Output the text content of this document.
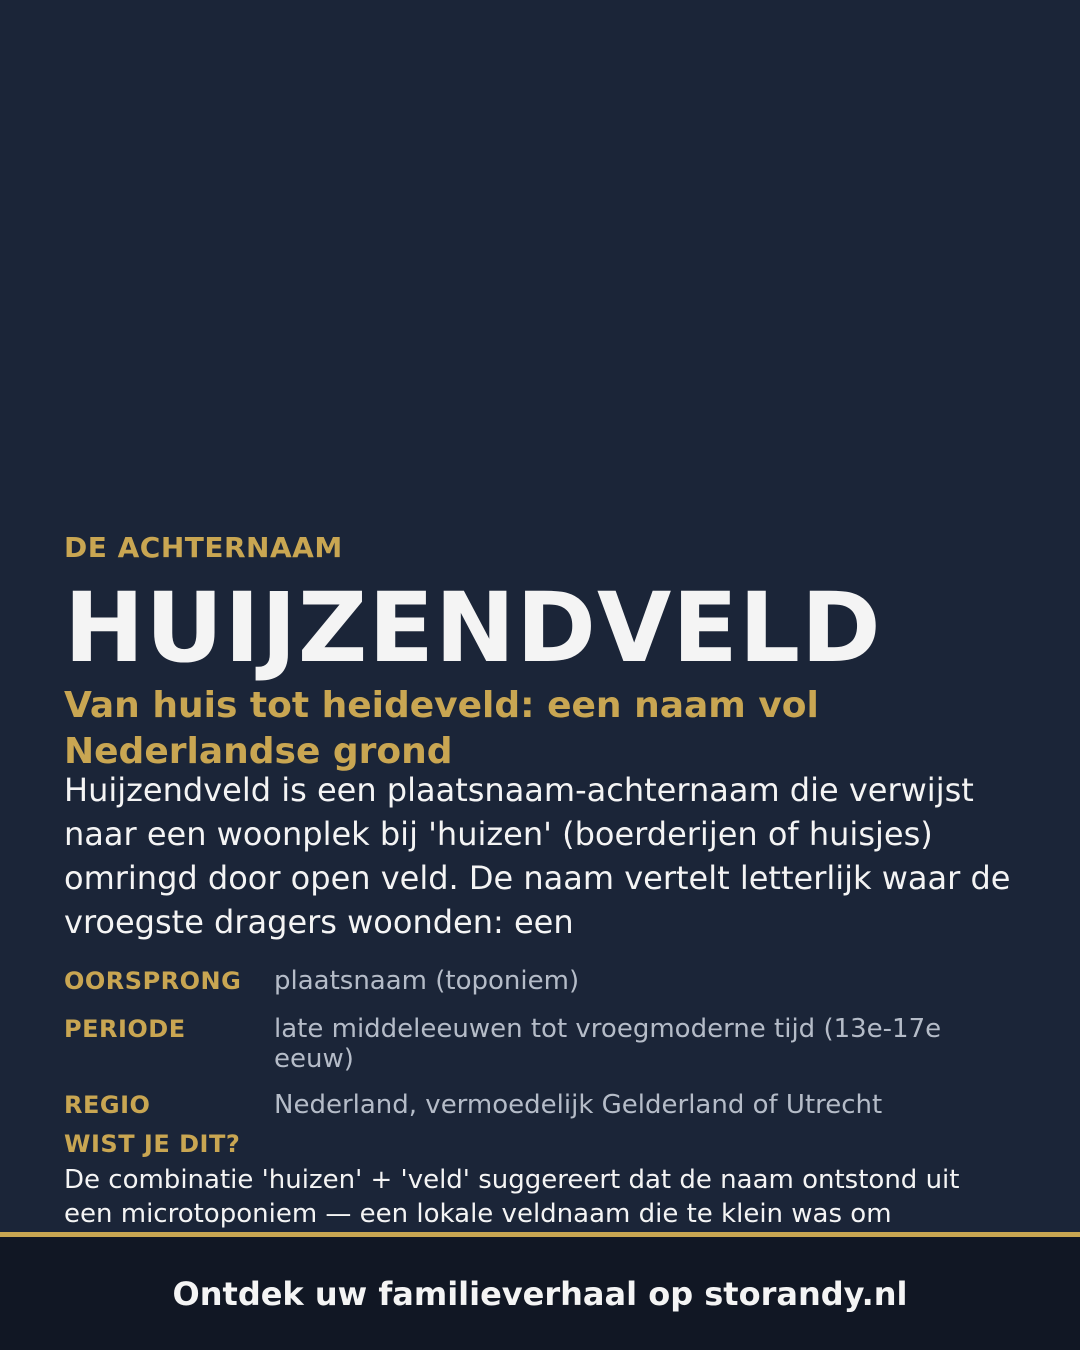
DE ACHTERNAAM
HUIJZENDVELD
Van huis tot heideveld: een naam vol Nederlandse grond
Huijzendveld is een plaatsnaam-achternaam die verwijst naar een woonplek bij 'huizen' (boerderijen of huisjes) omringd door open veld. De naam vertelt letterlijk waar de vroegste dragers woonden: een
OORSPRONG	plaatsnaam (toponiem)
PERIODE	late middeleeuwen tot vroegmoderne tijd (13e-17e eeuw)
REGIO	Nederland, vermoedelijk Gelderland of Utrecht
WIST JE DIT?
De combinatie 'huizen' + 'veld' suggereert dat de naam ontstond uit een microtoponiem — een lokale veldnaam die te klein was om
Ontdek uw familieverhaal op storandy.nl
